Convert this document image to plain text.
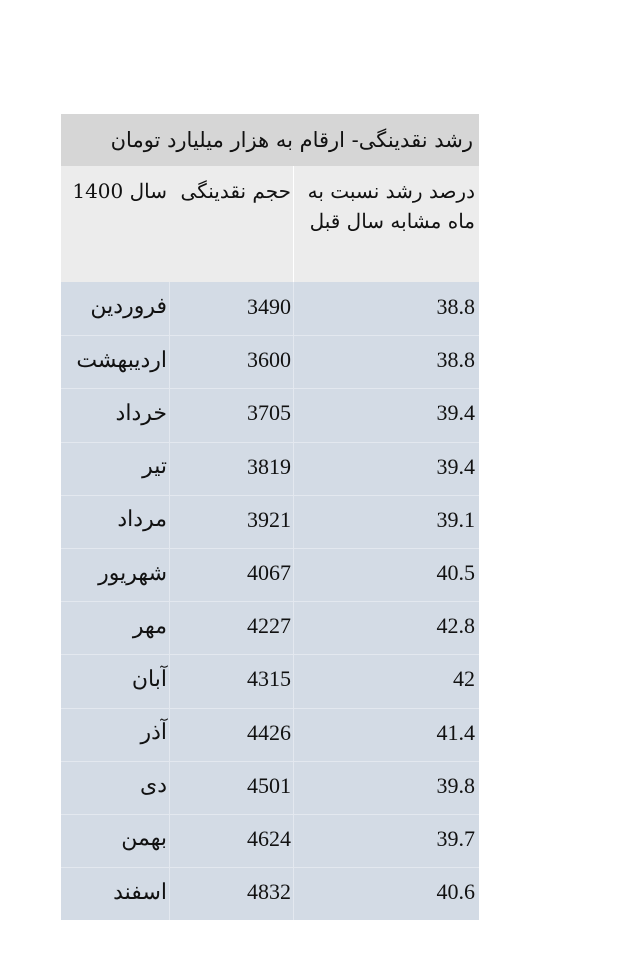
رشد نقدینگی- ارقام به هزار میلیارد تومان
درصد رشد نسبت به ماه مشابه سال قبل
حجم نقدینگی
سال 1400
38.8
3490
فروردین
38.8
3600
اردیبهشت
39.4
3705
خرداد
39.4
3819
تیر
39.1
3921
مرداد
40.5
4067
شهریور
42.8
4227
مهر
42
4315
آبان
41.4
4426
آذر
39.8
4501
دی
39.7
4624
بهمن
40.6
4832
اسفند
